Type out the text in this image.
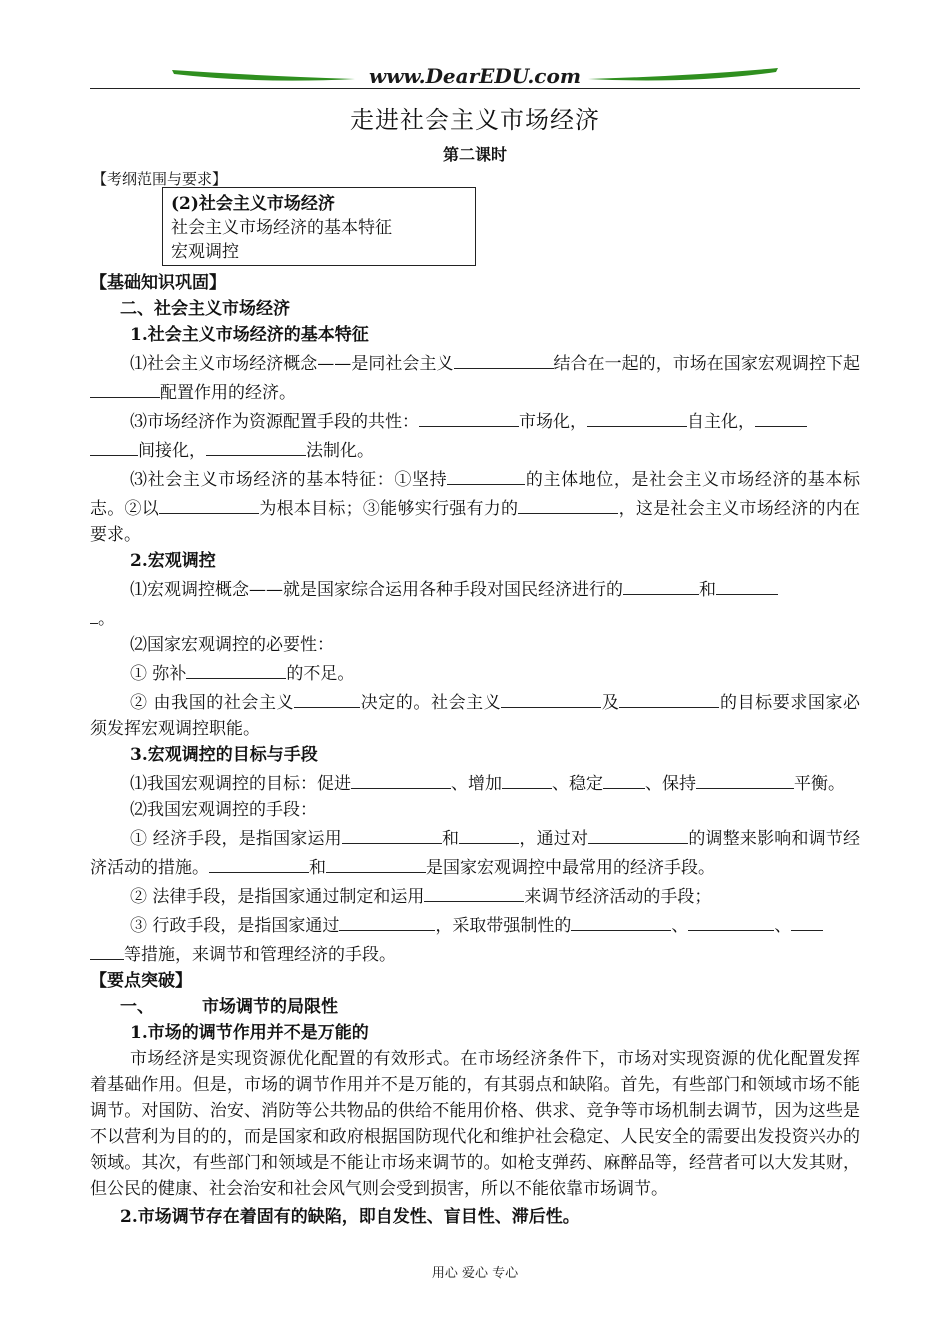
www.DearEDU.com
走进社会主义市场经济
第二课时
【考纲范围与要求】
(2)社会主义市场经济
社会主义市场经济的基本特征
宏观调控

【基础知识巩固】

二、社会主义市场经济

1.社会主义市场经济的基本特征

⑴社会主义市场经济概念——是同社会主义	结合在一起的，市场在国家宏观调控下起配置作用的经济。

⑶市场经济作为资源配置手段的共性：	市场化，	自主化，
间接化，	法制化。

⑶社会主义市场经济的基本特征：①坚持	的主体地位，是社会主义市场经济的基本标志。②以	为根本目标；③能够实行强有力的	，这是社会主义市场经济的内在要求。

2.宏观调控

⑴宏观调控概念——就是国家综合运用各种手段对国民经济进行的	和
。

⑵国家宏观调控的必要性：

① 弥补	的不足。

② 由我国的社会主义	决定的。社会主义	及	的目标要求国家必须发挥宏观调控职能。

3.宏观调控的目标与手段

⑴我国宏观调控的目标：促进	、增加	、稳定 、保持	平衡。

⑵我国宏观调控的手段：

① 经济手段，是指国家运用	和	，通过对	的调整来影响和调节经济活动的措施。	和	是国家宏观调控中最常用的经济手段。

② 法律手段，是指国家通过制定和运用	来调节经济活动的手段；

③ 行政手段，是指国家通过	，采取带强制性的	、	、
等措施，来调节和管理经济的手段。

【要点突破】

一、	市场调节的局限性

1.市场的调节作用并不是万能的

市场经济是实现资源优化配置的有效形式。在市场经济条件下，市场对实现资源的优化配置发挥着基础作用。但是，市场的调节作用并不是万能的，有其弱点和缺陷。首先，有些部门和领域市场不能调节。对国防、治安、消防等公共物品的供给不能用价格、供求、竞争等市场机制去调节，因为这些是不以营利为目的的，而是国家和政府根据国防现代化和维护社会稳定、人民安全的需要出发投资兴办的领域。其次，有些部门和领域是不能让市场来调节的。如枪支弹药、麻醉品等，经营者可以大发其财，但公民的健康、社会治安和社会风气则会受到损害，所以不能依靠市场调节。

2.市场调节存在着固有的缺陷，即自发性、盲目性、滞后性。

用心 爱心 专心
